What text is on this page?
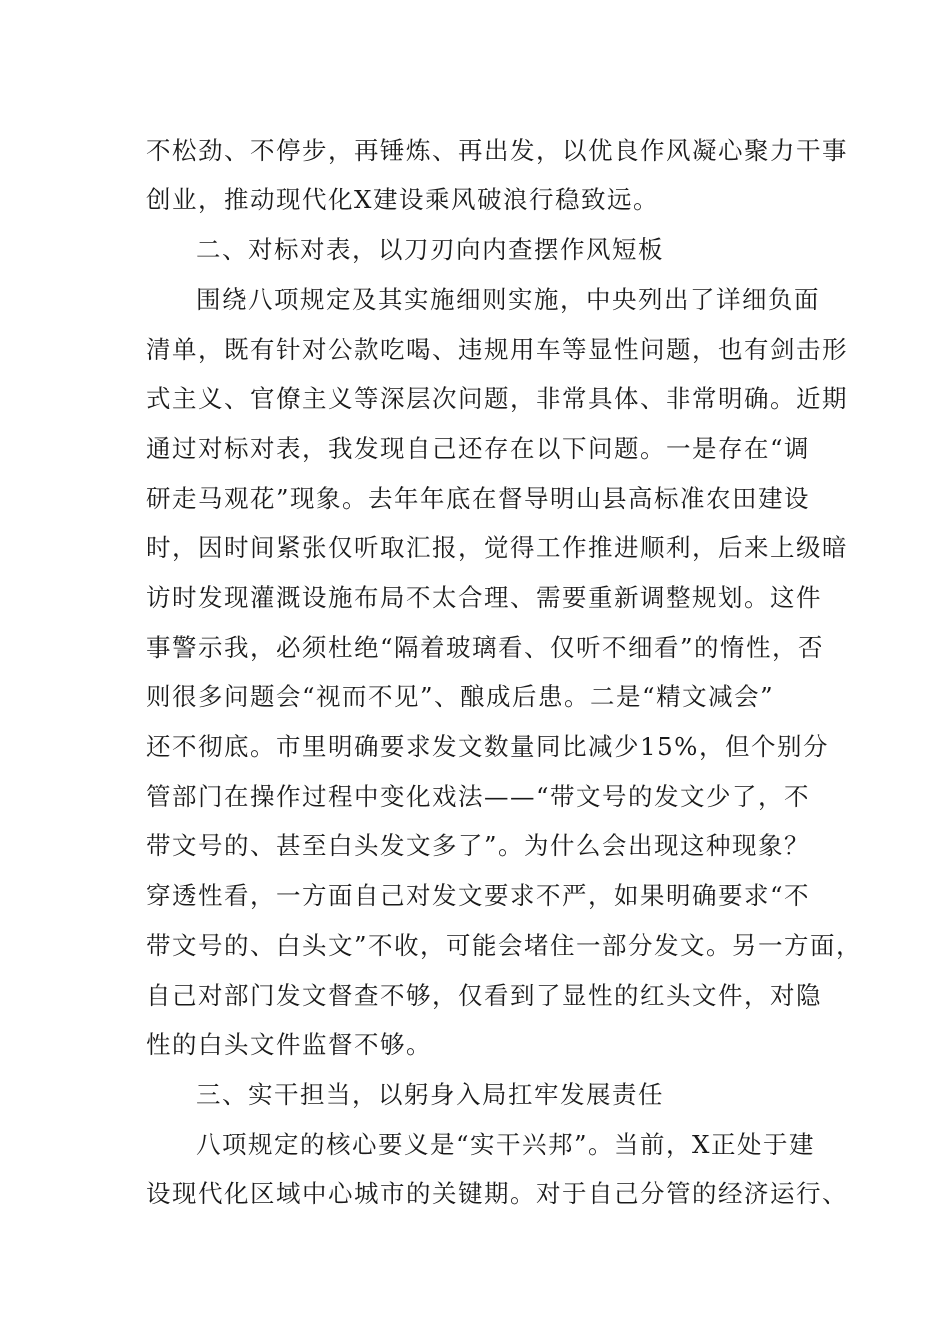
不松劲、不停步，再锤炼、再出发，以优良作风凝心聚力干事
创业，推动现代化X建设乘风破浪行稳致远。
二、对标对表，以刀刃向内查摆作风短板
围绕八项规定及其实施细则实施，中央列出了详细负面
清单，既有针对公款吃喝、违规用车等显性问题，也有剑击形
式主义、官僚主义等深层次问题，非常具体、非常明确。近期
通过对标对表，我发现自己还存在以下问题。一是存在“调
研走马观花”现象。去年年底在督导明山县高标准农田建设
时，因时间紧张仅听取汇报，觉得工作推进顺利，后来上级暗
访时发现灌溉设施布局不太合理、需要重新调整规划。这件
事警示我，必须杜绝“隔着玻璃看、仅听不细看”的惰性，否
则很多问题会“视而不见”、酿成后患。二是“精文减会”
还不彻底。市里明确要求发文数量同比减少15%，但个别分
管部门在操作过程中变化戏法——“带文号的发文少了，不
带文号的、甚至白头发文多了”。为什么会出现这种现象？
穿透性看，一方面自己对发文要求不严，如果明确要求“不
带文号的、白头文”不收，可能会堵住一部分发文。另一方面，
自己对部门发文督查不够，仅看到了显性的红头文件，对隐
性的白头文件监督不够。
三、实干担当，以躬身入局扛牢发展责任
八项规定的核心要义是“实干兴邦”。当前，X正处于建
设现代化区域中心城市的关键期。对于自己分管的经济运行、
